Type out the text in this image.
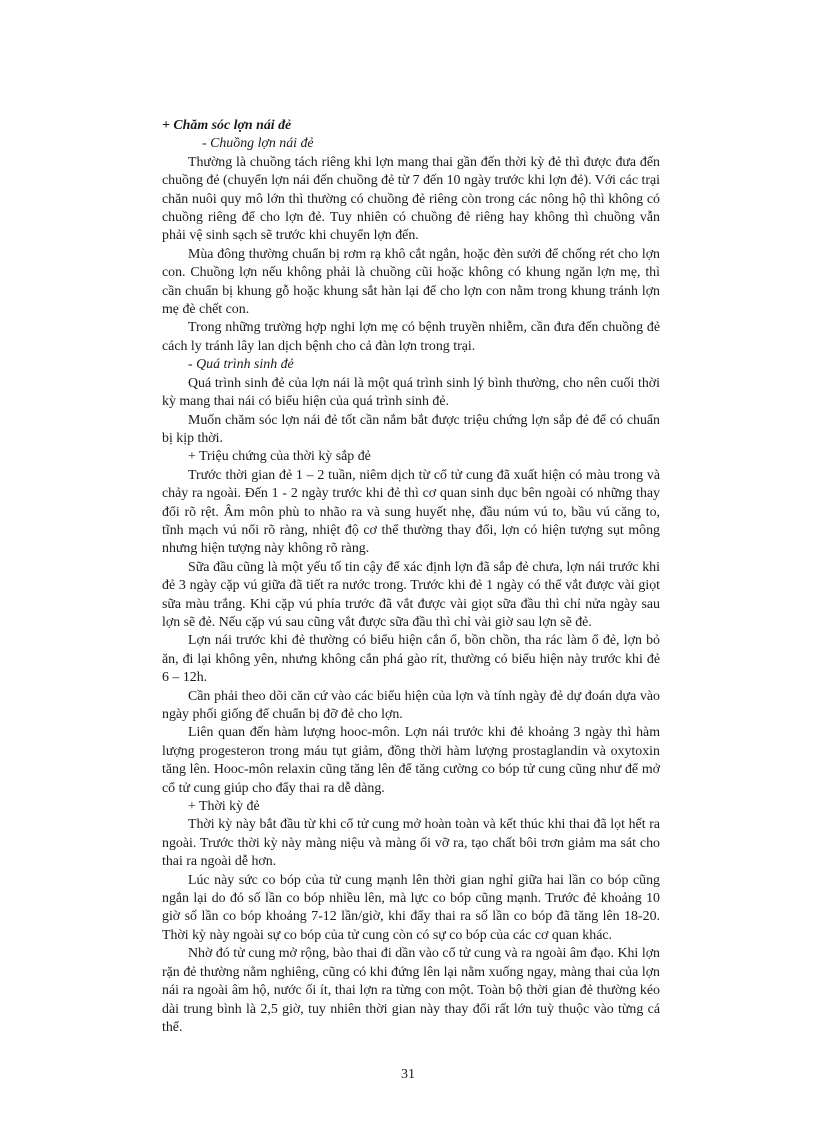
+ Chăm sóc lợn nái đẻ

- Chuồng lợn nái đẻ

Thường là chuồng tách riêng khi lợn mang thai gần đến thời kỳ đẻ thì được đưa đến chuồng đẻ (chuyển lợn nái đến chuồng đẻ từ 7 đến 10 ngày trước khi lợn đẻ). Với các trại chăn nuôi quy mô lớn thì thường có chuồng đẻ riêng còn trong các nông hộ thì không có chuồng riêng để cho lợn đẻ. Tuy nhiên có chuồng đẻ riêng hay không thì chuồng vẫn phải vệ sinh sạch sẽ trước khi chuyển lợn đến.

Mùa đông thường chuẩn bị rơm rạ khô cắt ngắn, hoặc đèn sưởi để chống rét cho lợn con. Chuồng lợn nếu không phải là chuồng cũi hoặc không có khung ngăn lợn mẹ, thì cần chuẩn bị khung gỗ hoặc khung sắt hàn lại để cho lợn con nằm trong khung tránh lợn mẹ đè chết con.

Trong những trường hợp nghi lợn mẹ có bệnh truyền nhiễm, cần đưa đến chuồng đẻ cách ly tránh lây lan dịch bệnh cho cả đàn lợn trong trại.

- Quá trình sinh đẻ

Quá trình sinh đẻ của lợn nái là một quá trình sinh lý bình thường, cho nên cuối thời kỳ mang thai nái có biểu hiện của quá trình sinh đẻ.

Muốn chăm sóc lợn nái đẻ tốt cần nắm bắt được triệu chứng lợn sắp đẻ để có chuẩn bị kịp thời.

+ Triệu chứng của thời kỳ sắp đẻ

Trước thời gian đẻ 1 – 2 tuần, niêm dịch từ cổ tử cung đã xuất hiện có màu trong và chảy ra ngoài. Đến 1 - 2 ngày trước khi đẻ thì cơ quan sinh dục bên ngoài có những thay đổi rõ rệt. Âm môn phù to nhão ra và sung huyết nhẹ, đầu núm vú to, bầu vú căng to, tĩnh mạch vú nổi rõ ràng, nhiệt độ cơ thể thường thay đổi, lợn có hiện tượng sụt mông nhưng hiện tượng này không rõ ràng.

Sữa đầu cũng là một yếu tố tin cậy để xác định lợn đã sắp đẻ chưa, lợn nái trước khi đẻ 3 ngày cặp vú giữa đã tiết ra nước trong. Trước khi đẻ 1 ngày có thể vắt được vài giọt sữa màu trắng. Khi cặp vú phía trước đã vắt được vài giọt sữa đầu thì chỉ nửa ngày sau lợn sẽ đẻ. Nếu cặp vú sau cũng vắt được sữa đầu thì chỉ vài giờ sau lợn sẽ đẻ.

Lợn nái trước khi đẻ thường có biểu hiện cắn ổ, bồn chồn, tha rác làm ổ đẻ, lợn bỏ ăn, đi lại không yên, nhưng không cắn phá gào rít, thường có biểu hiện này trước khi đẻ 6 – 12h.

Cần phải theo dõi căn cứ vào các biểu hiện của lợn và tính ngày đẻ dự đoán dựa vào ngày phối giống để chuẩn bị đỡ đẻ cho lợn.

Liên quan đến hàm lượng hooc-môn. Lợn nái trước khi đẻ khoảng 3 ngày thì hàm lượng progesteron trong máu tụt giảm, đồng thời hàm lượng prostaglandin và oxytoxin tăng lên. Hooc-môn relaxin cũng tăng lên để tăng cường co bóp tử cung cũng như để mở cổ tử cung giúp cho đẩy thai ra dễ dàng.

+ Thời kỳ đẻ

Thời kỳ này bắt đầu từ khi cổ tử cung mở hoàn toàn và kết thúc khi thai đã lọt hết ra ngoài. Trước thời kỳ này màng niệu và màng ối vỡ ra, tạo chất bôi trơn giảm ma sát cho thai ra ngoài dễ hơn.

Lúc này sức co bóp của tử cung mạnh lên thời gian nghỉ giữa hai lần co bóp cũng ngắn lại do đó số lần co bóp nhiều lên, mà lực co bóp cũng mạnh. Trước đẻ khoảng 10 giờ số lần co bóp khoảng 7-12 lần/giờ, khi đẩy thai ra số lần co bóp đã tăng lên 18-20. Thời kỳ này ngoài sự co bóp của tử cung còn có sự co bóp của các cơ quan khác.

Nhờ đó tử cung mở rộng, bào thai đi dần vào cổ tử cung và ra ngoài âm đạo. Khi lợn rặn đẻ thường nằm nghiêng, cũng có khi đứng lên lại nằm xuống ngay, màng thai của lợn nái ra ngoài âm hộ, nước ối ít, thai lợn ra từng con một. Toàn bộ thời gian đẻ thường kéo dài trung bình là 2,5 giờ, tuy nhiên thời gian này thay đổi rất lớn tuỳ thuộc vào từng cá thể.

31
